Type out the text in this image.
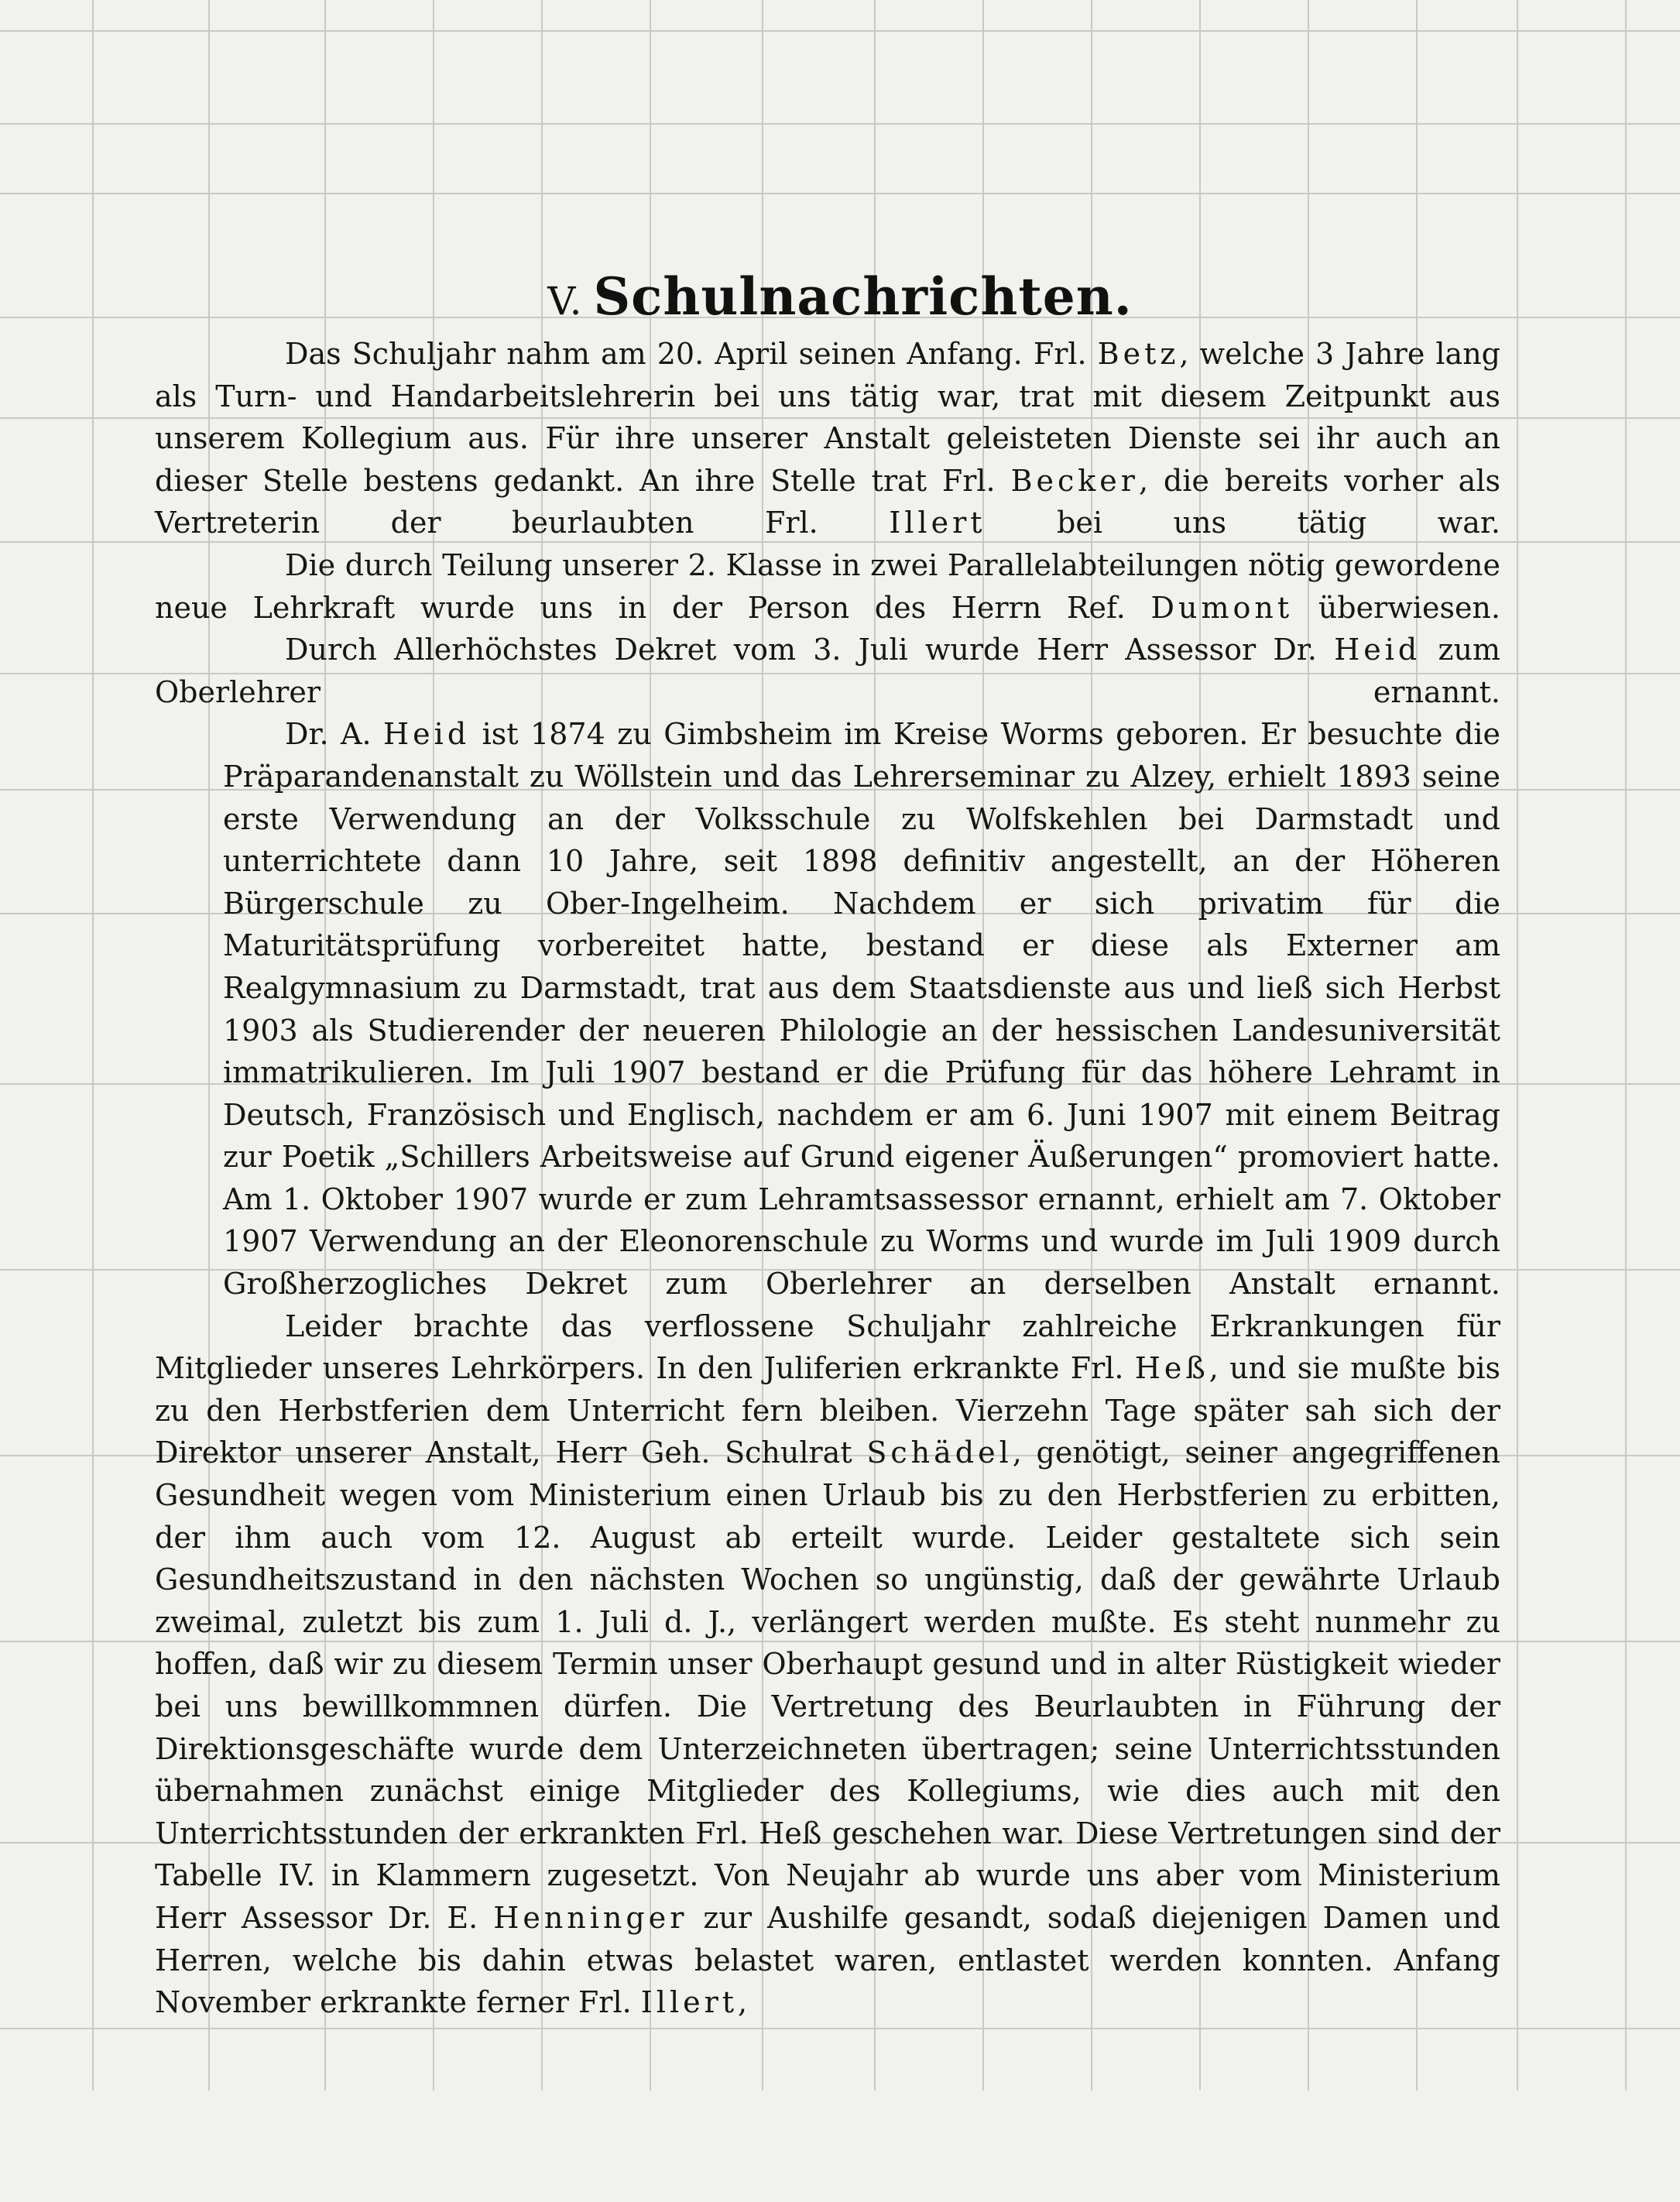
V. Schulnachrichten.

Das Schuljahr nahm am 20. April seinen Anfang. Frl. Betz, welche 3 Jahre lang als Turn- und Handarbeitslehrerin bei uns tätig war, trat mit diesem Zeitpunkt aus unserem Kollegium aus. Für ihre unserer Anstalt geleisteten Dienste sei ihr auch an dieser Stelle bestens gedankt. An ihre Stelle trat Frl. Becker, die bereits vorher als Vertreterin der beurlaubten Frl. Illert bei uns tätig war.

Die durch Teilung unserer 2. Klasse in zwei Parallelabteilungen nötig gewordene neue Lehrkraft wurde uns in der Person des Herrn Ref. Dumont überwiesen.

Durch Allerhöchstes Dekret vom 3. Juli wurde Herr Assessor Dr. Heid zum Oberlehrer ernannt.

Dr. A. Heid ist 1874 zu Gimbsheim im Kreise Worms geboren. Er besuchte die Präparandenanstalt zu Wöllstein und das Lehrerseminar zu Alzey, erhielt 1893 seine erste Verwendung an der Volksschule zu Wolfskehlen bei Darmstadt und unterrichtete dann 10 Jahre, seit 1898 definitiv angestellt, an der Höheren Bürgerschule zu Ober-Ingelheim. Nachdem er sich privatim für die Maturitätsprüfung vorbereitet hatte, bestand er diese als Externer am Realgymnasium zu Darmstadt, trat aus dem Staatsdienste aus und ließ sich Herbst 1903 als Studierender der neueren Philologie an der hessischen Landesuniversität immatrikulieren. Im Juli 1907 bestand er die Prüfung für das höhere Lehramt in Deutsch, Französisch und Englisch, nachdem er am 6. Juni 1907 mit einem Beitrag zur Poetik „Schillers Arbeitsweise auf Grund eigener Äußerungen“ promoviert hatte. Am 1. Oktober 1907 wurde er zum Lehramtsassessor ernannt, erhielt am 7. Oktober 1907 Verwendung an der Eleonorenschule zu Worms und wurde im Juli 1909 durch Großherzogliches Dekret zum Oberlehrer an derselben Anstalt ernannt.

Leider brachte das verflossene Schuljahr zahlreiche Erkrankungen für Mitglieder unseres Lehrkörpers. In den Juliferien erkrankte Frl. Heß, und sie mußte bis zu den Herbstferien dem Unterricht fern bleiben. Vierzehn Tage später sah sich der Direktor unserer Anstalt, Herr Geh. Schulrat Schädel, genötigt, seiner angegriffenen Gesundheit wegen vom Ministerium einen Urlaub bis zu den Herbstferien zu erbitten, der ihm auch vom 12. August ab erteilt wurde. Leider gestaltete sich sein Gesundheitszustand in den nächsten Wochen so ungünstig, daß der gewährte Urlaub zweimal, zuletzt bis zum 1. Juli d. J., verlängert werden mußte. Es steht nunmehr zu hoffen, daß wir zu diesem Termin unser Oberhaupt gesund und in alter Rüstigkeit wieder bei uns bewillkommnen dürfen. Die Vertretung des Beurlaubten in Führung der Direktionsgeschäfte wurde dem Unterzeichneten übertragen; seine Unterrichtsstunden übernahmen zunächst einige Mitglieder des Kollegiums, wie dies auch mit den Unterrichtsstunden der erkrankten Frl. Heß geschehen war. Diese Vertretungen sind der Tabelle IV. in Klammern zugesetzt. Von Neujahr ab wurde uns aber vom Ministerium Herr Assessor Dr. E. Henninger zur Aushilfe gesandt, sodaß diejenigen Damen und Herren, welche bis dahin etwas belastet waren, entlastet werden konnten. Anfang November erkrankte ferner Frl. Illert,
